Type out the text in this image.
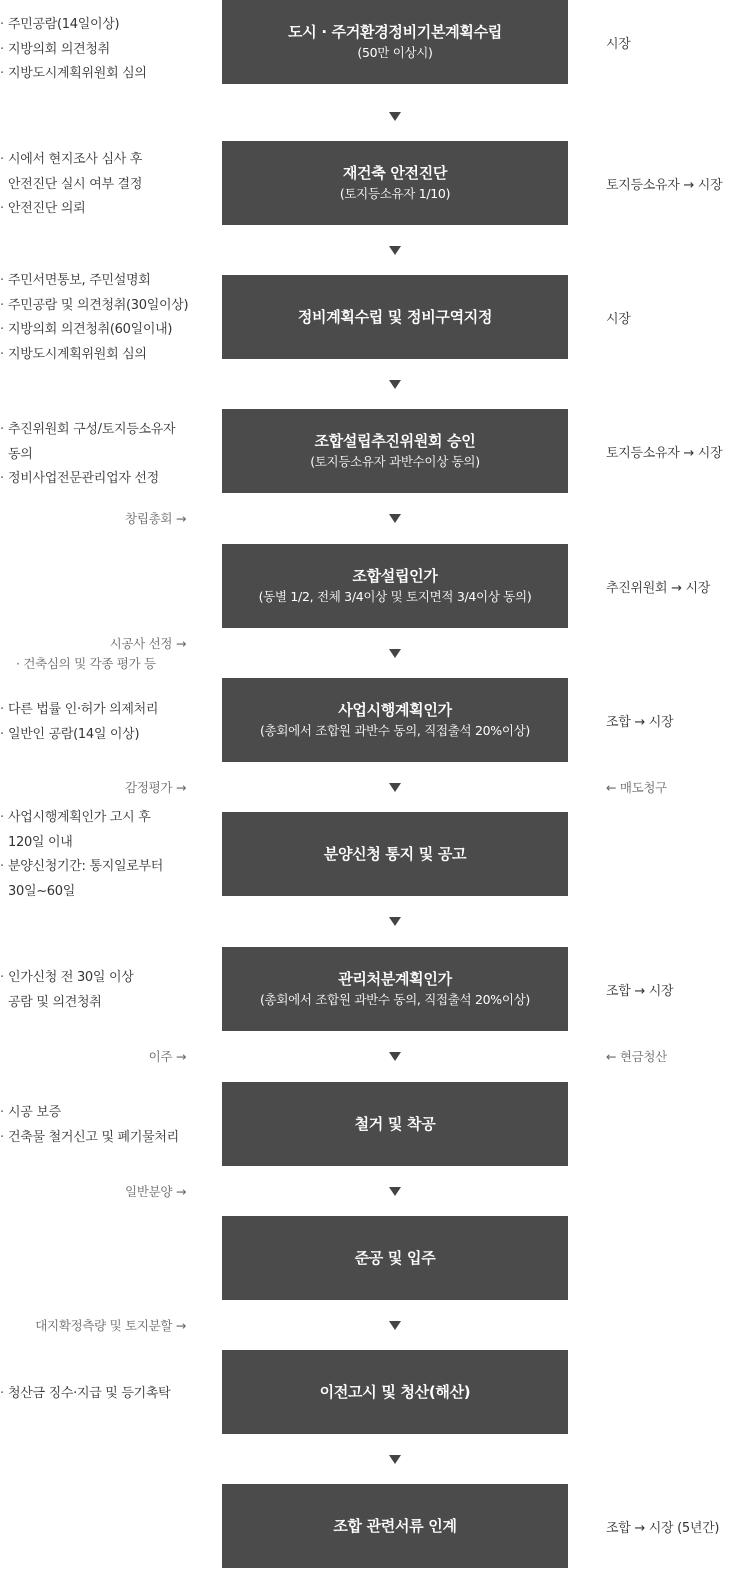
도시 · 주거환경정비기본계획수립
(50만 이상시)
· 주민공람(14일이상)
· 지방의회 의견청취
· 지방도시계획위원회 심의
시장
재건축 안전진단
(토지등소유자 1/10)
· 시에서 현지조사 심사 후
안전진단 실시 여부 결정
· 안전진단 의뢰
토지등소유자 → 시장
정비계획수립 및 정비구역지정
· 주민서면통보, 주민설명회
· 주민공람 및 의견청취(30일이상)
· 지방의회 의견청취(60일이내)
· 지방도시계획위원회 심의
시장
조합설립추진위원회 승인
(토지등소유자 과반수이상 동의)
· 추진위원회 구성/토지등소유자
동의
· 정비사업전문관리업자 선정
토지등소유자 → 시장
조합설립인가
(동별 1/2, 전체 3/4이상 및 토지면적 3/4이상 동의)
추진위원회 → 시장
사업시행계획인가
(총회에서 조합원 과반수 동의, 직접출석 20%이상)
· 다른 법률 인·허가 의제처리
· 일반인 공람(14일 이상)
조합 → 시장
분양신청 통지 및 공고
· 사업시행계획인가 고시 후
120일 이내
· 분양신청기간: 통지일로부터
30일~60일
관리처분계획인가
(총회에서 조합원 과반수 동의, 직접출석 20%이상)
· 인가신청 전 30일 이상
공람 및 의견청취
조합 → 시장
철거 및 착공
· 시공 보증
· 건축물 철거신고 및 폐기물처리
준공 및 입주
이전고시 및 청산(해산)
· 청산금 징수·지급 및 등기촉탁
조합 관련서류 인계	조합 → 시장 (5년간)
창립총회 →
시공사 선정 →
· 건축심의 및 각종 평가 등
감정평가 →	← 매도청구
이주 →	← 현금청산
일반분양 →
대지확정측량 및 토지분할 →
